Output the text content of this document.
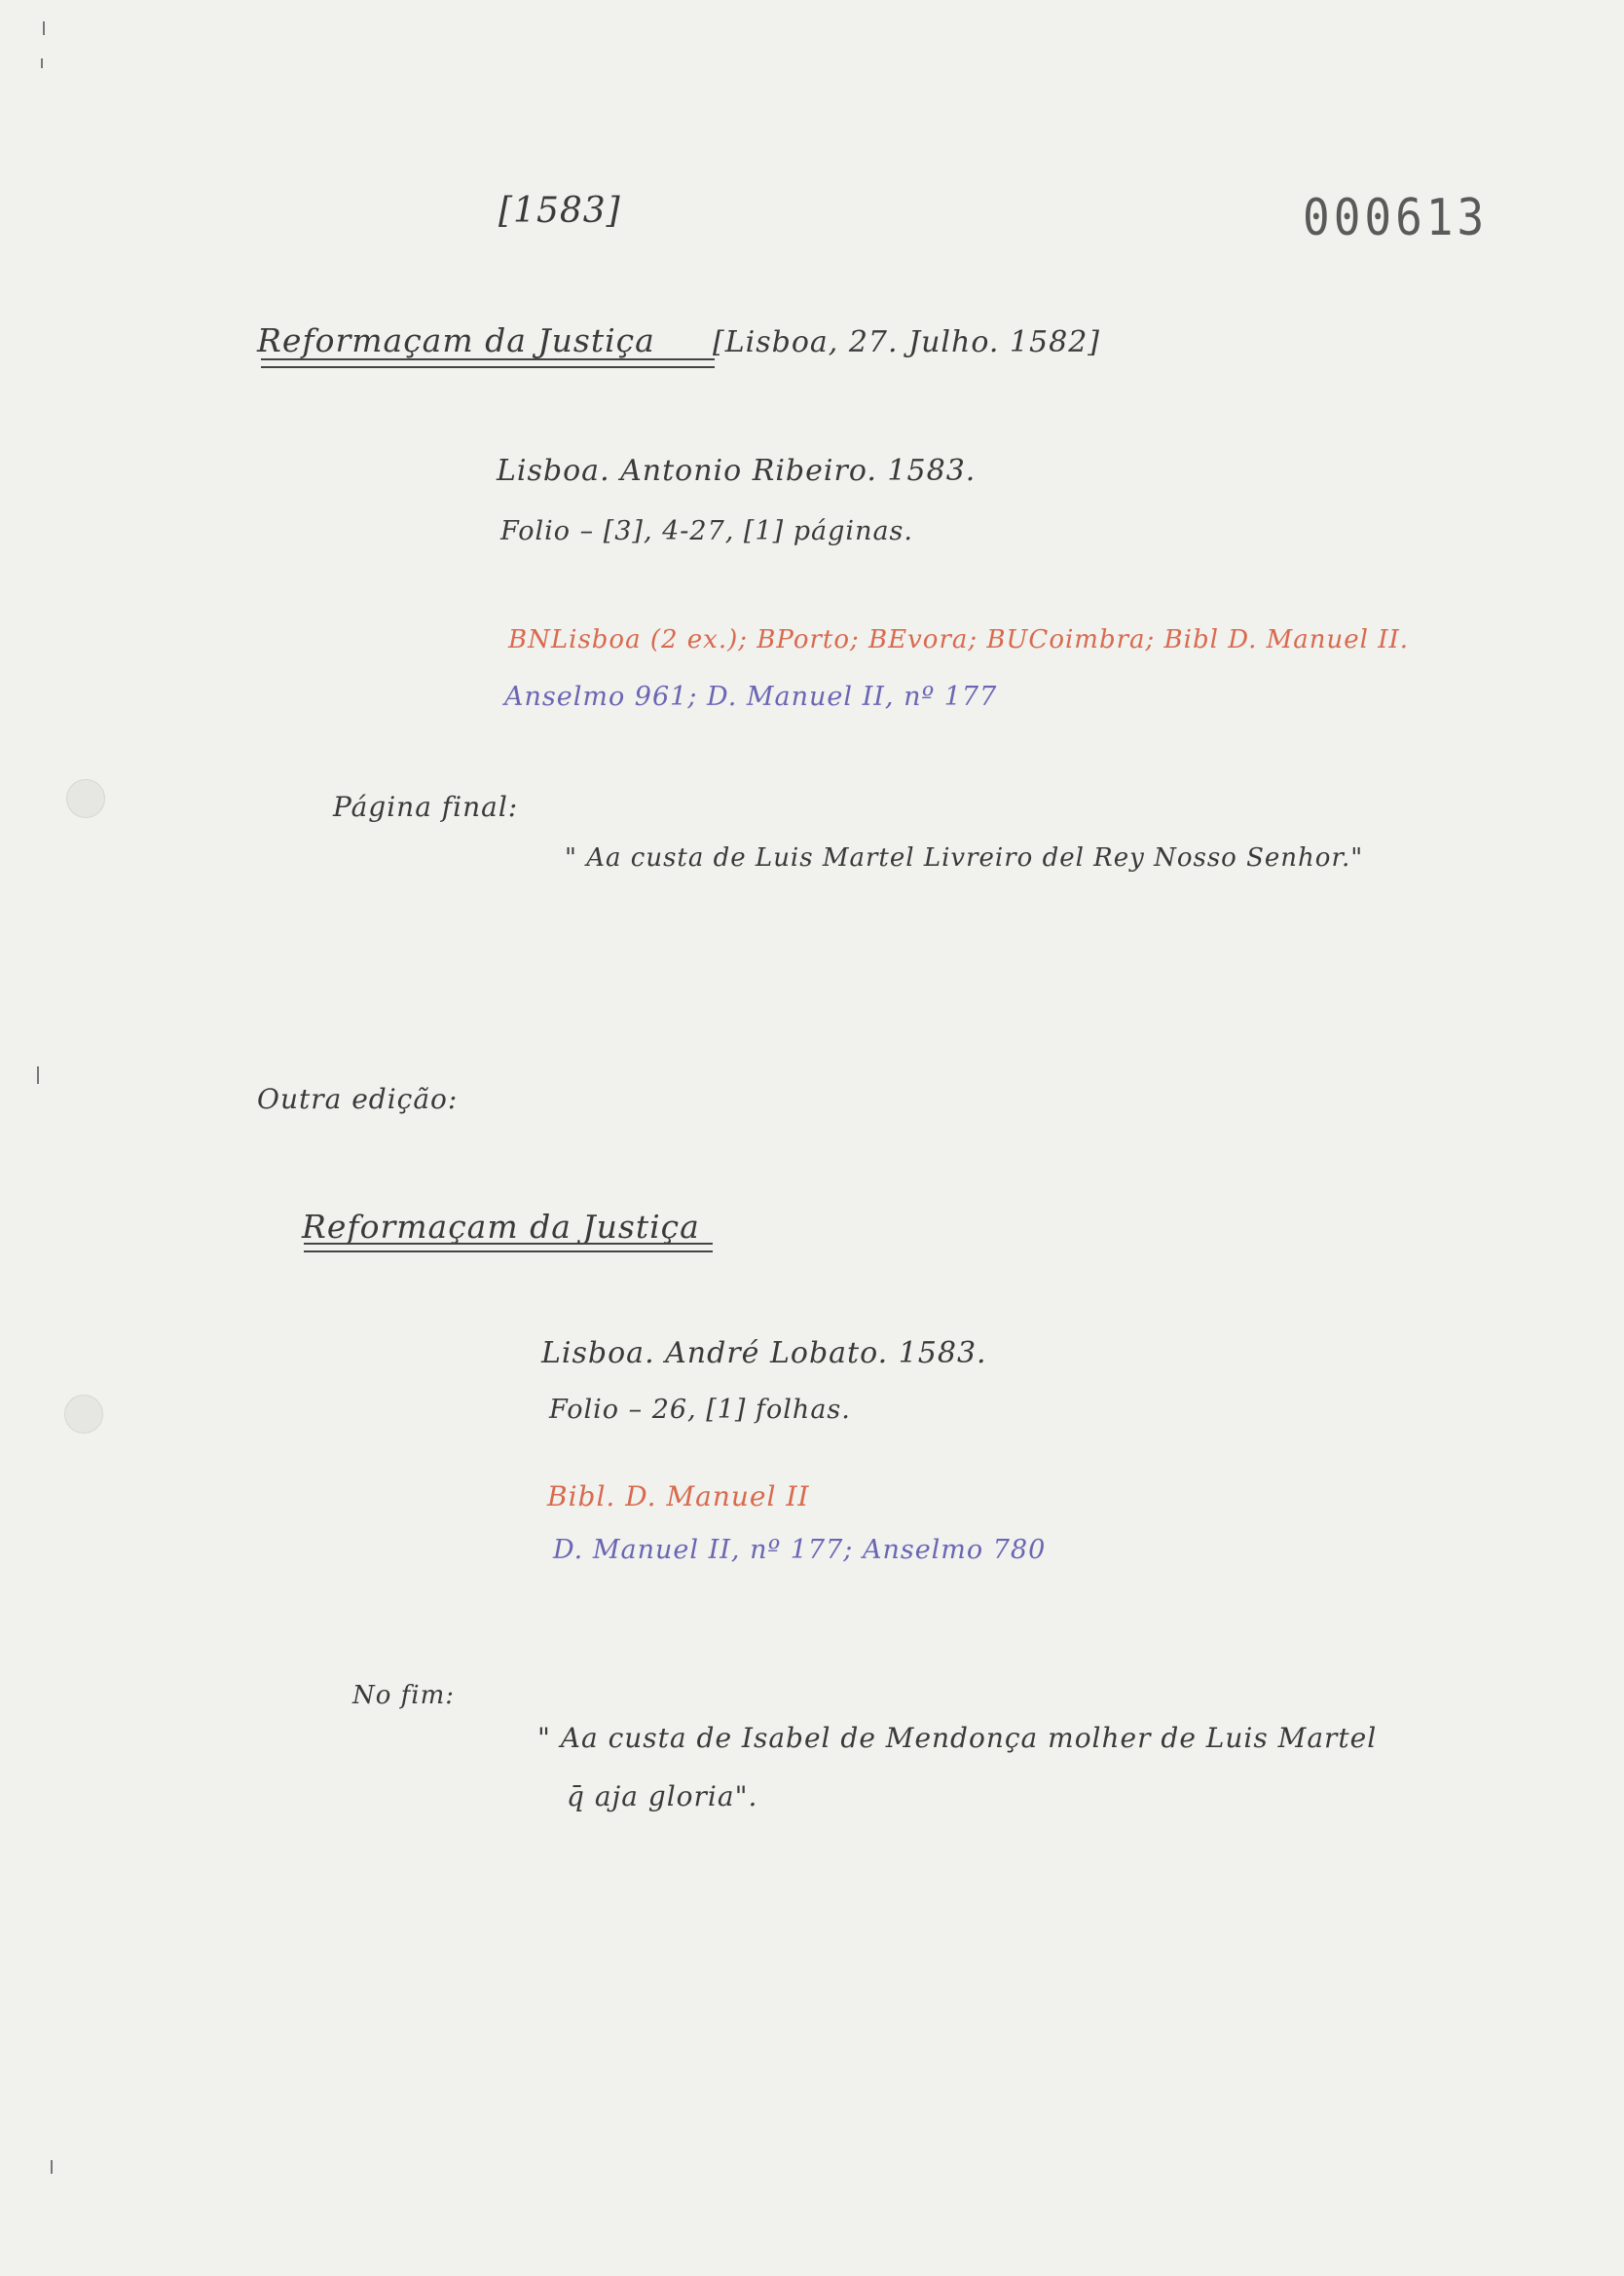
[1583]	000613
Reformaçam da Justiça [Lisboa, 27. Julho. 1582]
Lisboa. Antonio Ribeiro. 1583.
Folio – [3], 4-27, [1] páginas.
BNLisboa (2 ex.); BPorto; BEvora; BUCoimbra; Bibl D. Manuel II.
Anselmo 961; D. Manuel II, nº 177
Página final:
" Aa custa de Luis Martel Livreiro del Rey Nosso Senhor."
Outra edição:
Reformaçam da Justiça
Lisboa. André Lobato. 1583.
Folio – 26, [1] folhas.
Bibl. D. Manuel II
D. Manuel II, nº 177; Anselmo 780
No fim:
" Aa custa de Isabel de Mendonça molher de Luis Martel
q̄ aja gloria".
